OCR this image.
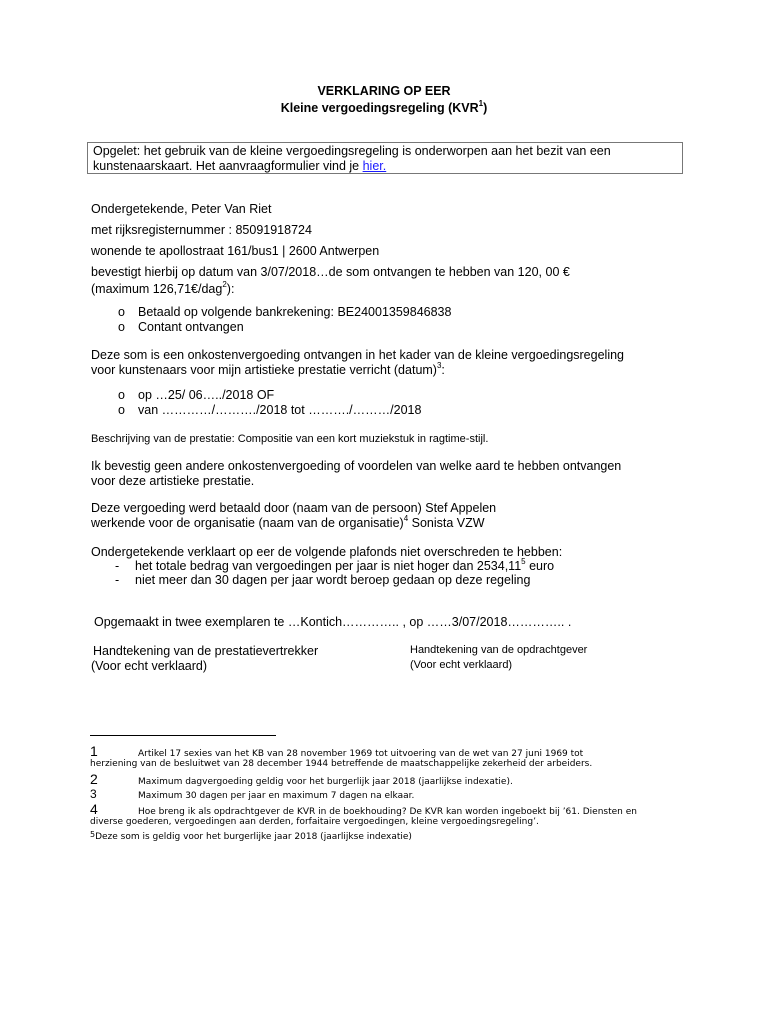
VERKLARING OP EER
Kleine vergoedingsregeling (KVR$^1$)
Opgelet: het gebruik van de kleine vergoedingsregeling is onderworpen aan het bezit van een kunstenaarskaart. Het aanvraagformulier vind je hier.
Ondergetekende, Peter Van Riet
met rijksregisternummer : 85091918724
wonende te apollostraat 161/bus1 | 2600 Antwerpen
bevestigt hierbij op datum van 3/07/2018…de som ontvangen te hebben van 120, 00 €
(maximum 126,71€/dag$^2$):
o Betaald op volgende bankrekening: BE24001359846838
o Contant ontvangen
Deze som is een onkostenvergoeding ontvangen in het kader van de kleine vergoedingsregeling
voor kunstenaars voor mijn artistieke prestatie verricht (datum)$^3$:
o op …25/ 06…../2018 OF
o van …………/………./2018 tot ………./………/2018
Beschrijving van de prestatie: Compositie van een kort muziekstuk in ragtime-stijl.
Ik bevestig geen andere onkostenvergoeding of voordelen van welke aard te hebben ontvangen
voor deze artistieke prestatie.
Deze vergoeding werd betaald door (naam van de persoon) Stef Appelen
werkende voor de organisatie (naam van de organisatie)$^4$ Sonista VZW
Ondergetekende verklaart op eer de volgende plafonds niet overschreden te hebben:
- het totale bedrag van vergoedingen per jaar is niet hoger dan 2534,11$^5$ euro
- niet meer dan 30 dagen per jaar wordt beroep gedaan op deze regeling
Opgemaakt in twee exemplaren te …Kontich………….. , op ……3/07/2018………….. .
Handtekening van de prestatievertrekker
(Voor echt verklaard)
Handtekening van de opdrachtgever
(Voor echt verklaard)
1	Artikel 17 sexies van het KB van 28 november 1969 tot uitvoering van de wet van 27 juni 1969 tot
herziening van de besluitwet van 28 december 1944 betreffende de maatschappelijke zekerheid der arbeiders.
2	Maximum dagvergoeding geldig voor het burgerlijk jaar 2018 (jaarlijkse indexatie).
3	Maximum 30 dagen per jaar en maximum 7 dagen na elkaar.
4	Hoe breng ik als opdrachtgever de KVR in de boekhouding? De KVR kan worden ingeboekt bij ’61. Diensten en
diverse goederen, vergoedingen aan derden, forfaitaire vergoedingen, kleine vergoedingsregeling’.
$^5$Deze som is geldig voor het burgerlijke jaar 2018 (jaarlijkse indexatie)
